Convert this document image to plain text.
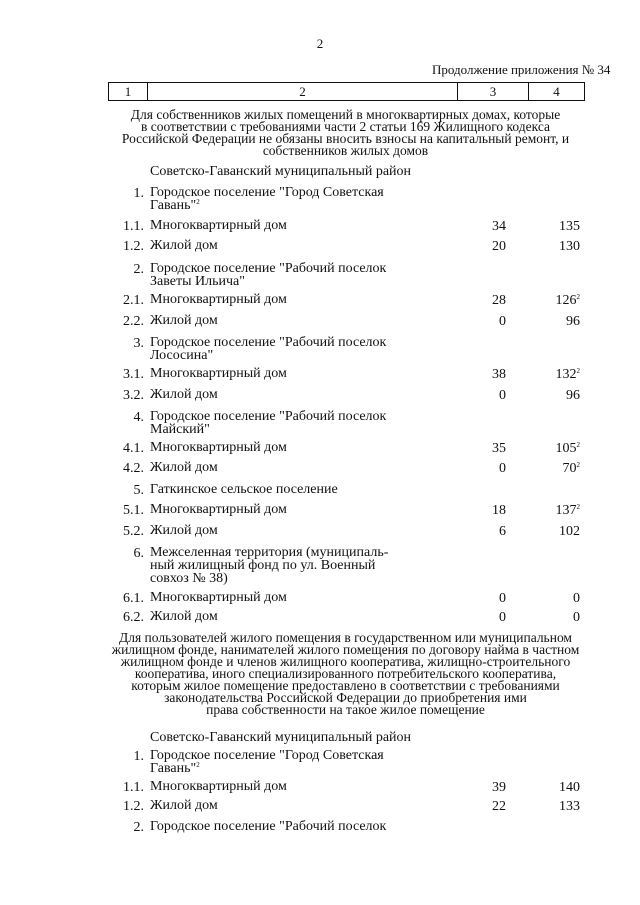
2
Продолжение приложения № 34
1	2	3	4
Для собственников жилых помещений в многоквартирных домах, которые
в соответствии с требованиями части 2 статьи 169 Жилищного кодекса
Российской Федерации не обязаны вносить взносы на капитальный ремонт, и
собственников жилых домов
Для пользователей жилого помещения в государственном или муниципальном
жилищном фонде, нанимателей жилого помещения по договору найма в частном
жилищном фонде и членов жилищного кооператива, жилищно-строительного
кооператива, иного специализированного потребительского кооператива,
которым жилое помещение предоставлено в соответствии с требованиями
законодательства Российской Федерации до приобретения ими
права собственности на такое жилое помещение
Советско-Гаванский муниципальный район
1. Городское поселение "Город Советская
Гавань"$^2$
1.1. Многоквартирный дом	34	135
1.2. Жилой дом	20	130
2. Городское поселение "Рабочий поселок
Заветы Ильича"
2.1. Многоквартирный дом	28	$126^2$
2.2. Жилой дом	0	96
3. Городское поселение "Рабочий поселок
Лососина"
3.1. Многоквартирный дом	38	$132^2$
3.2. Жилой дом	0	96
4. Городское поселение "Рабочий поселок
Майский"
4.1. Многоквартирный дом	35	$105^2$
4.2. Жилой дом	0	$70^2$
5. Гаткинское сельское поселение
5.1. Многоквартирный дом	18	$137^2$
5.2. Жилой дом	6	102
6. Межселенная территория (муниципаль-
ный жилищный фонд по ул. Военный
совхоз № 38)
6.1. Многоквартирный дом	0	0
6.2. Жилой дом	0	0
Советско-Гаванский муниципальный район
1. Городское поселение "Город Советская
Гавань"$^2$
1.1. Многоквартирный дом	39	140
1.2. Жилой дом	22	133
2. Городское поселение "Рабочий поселок
